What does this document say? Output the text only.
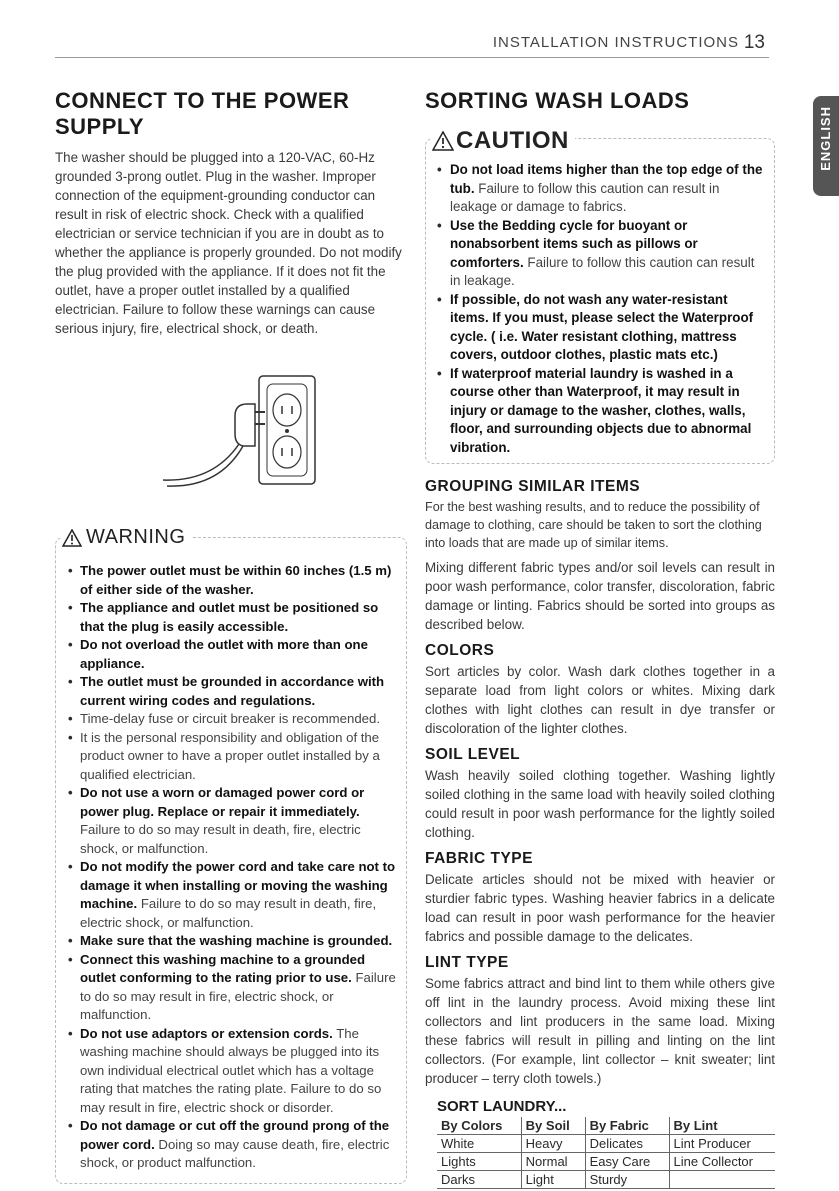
INSTALLATION INSTRUCTIONS 13
ENGLISH
CONNECT TO THE POWER SUPPLY

The washer should be plugged into a 120-VAC, 60-Hz grounded 3-prong outlet. Plug in the washer. Improper connection of the equipment-grounding conductor can result in risk of electric shock. Check with a qualified electrician or service technician if you are in doubt as to whether the appliance is properly grounded. Do not modify the plug provided with the appliance. If it does not fit the outlet, have a proper outlet installed by a qualified electrician. Failure to follow these warnings can cause serious injury, fire, electrical shock, or death.

WARNING
• The power outlet must be within 60 inches (1.5 m) of either side of the washer.
• The appliance and outlet must be positioned so that the plug is easily accessible.
• Do not overload the outlet with more than one appliance.
• The outlet must be grounded in accordance with current wiring codes and regulations.
• Time-delay fuse or circuit breaker is recommended.
• It is the personal responsibility and obligation of the product owner to have a proper outlet installed by a qualified electrician.
• Do not use a worn or damaged power cord or power plug. Replace or repair it immediately. Failure to do so may result in death, fire, electric shock, or malfunction.
• Do not modify the power cord and take care not to damage it when installing or moving the washing machine. Failure to do so may result in death, fire, electric shock, or malfunction.
• Make sure that the washing machine is grounded.
• Connect this washing machine to a grounded outlet conforming to the rating prior to use. Failure to do so may result in fire, electric shock, or malfunction.
• Do not use adaptors or extension cords. The washing machine should always be plugged into its own individual electrical outlet which has a voltage rating that matches the rating plate. Failure to do so may result in fire, electric shock or disorder.
• Do not damage or cut off the ground prong of the power cord. Doing so may cause death, fire, electric shock, or product malfunction.
SORTING WASH LOADS
CAUTION
• Do not load items higher than the top edge of the tub. Failure to follow this caution can result in leakage or damage to fabrics.
• Use the Bedding cycle for buoyant or nonabsorbent items such as pillows or comforters. Failure to follow this caution can result in leakage.
• If possible, do not wash any water-resistant items. If you must, please select the Waterproof cycle. ( i.e. Water resistant clothing, mattress covers, outdoor clothes, plastic mats etc.)
• If waterproof material laundry is washed in a course other than Waterproof, it may result in injury or damage to the washer, clothes, walls, floor, and surrounding objects due to abnormal vibration.
GROUPING SIMILAR ITEMS

For the best washing results, and to reduce the possibility of damage to clothing, care should be taken to sort the clothing into loads that are made up of similar items.

Mixing different fabric types and/or soil levels can result in poor wash performance, color transfer, discoloration, fabric damage or linting. Fabrics should be sorted into groups as described below.

COLORS

Sort articles by color. Wash dark clothes together in a separate load from light colors or whites. Mixing dark clothes with light clothes can result in dye transfer or discoloration of the lighter clothes.

SOIL LEVEL

Wash heavily soiled clothing together. Washing lightly soiled clothing in the same load with heavily soiled clothing could result in poor wash performance for the lightly soiled clothing.

FABRIC TYPE

Delicate articles should not be mixed with heavier or sturdier fabric types. Washing heavier fabrics in a delicate load can result in poor wash performance for the heavier fabrics and possible damage to the delicates.

LINT TYPE

Some fabrics attract and bind lint to them while others give off lint in the laundry process. Avoid mixing these lint collectors and lint producers in the same load. Mixing these fabrics will result in pilling and linting on the lint collectors. (For example, lint collector – knit sweater; lint producer – terry cloth towels.)

SORT LAUNDRY...
By Colors	By Soil	By Fabric	By Lint
White	Heavy	Delicates	Lint Producer
Lights	Normal	Easy Care	Line Collector
Darks	Light	Sturdy	
